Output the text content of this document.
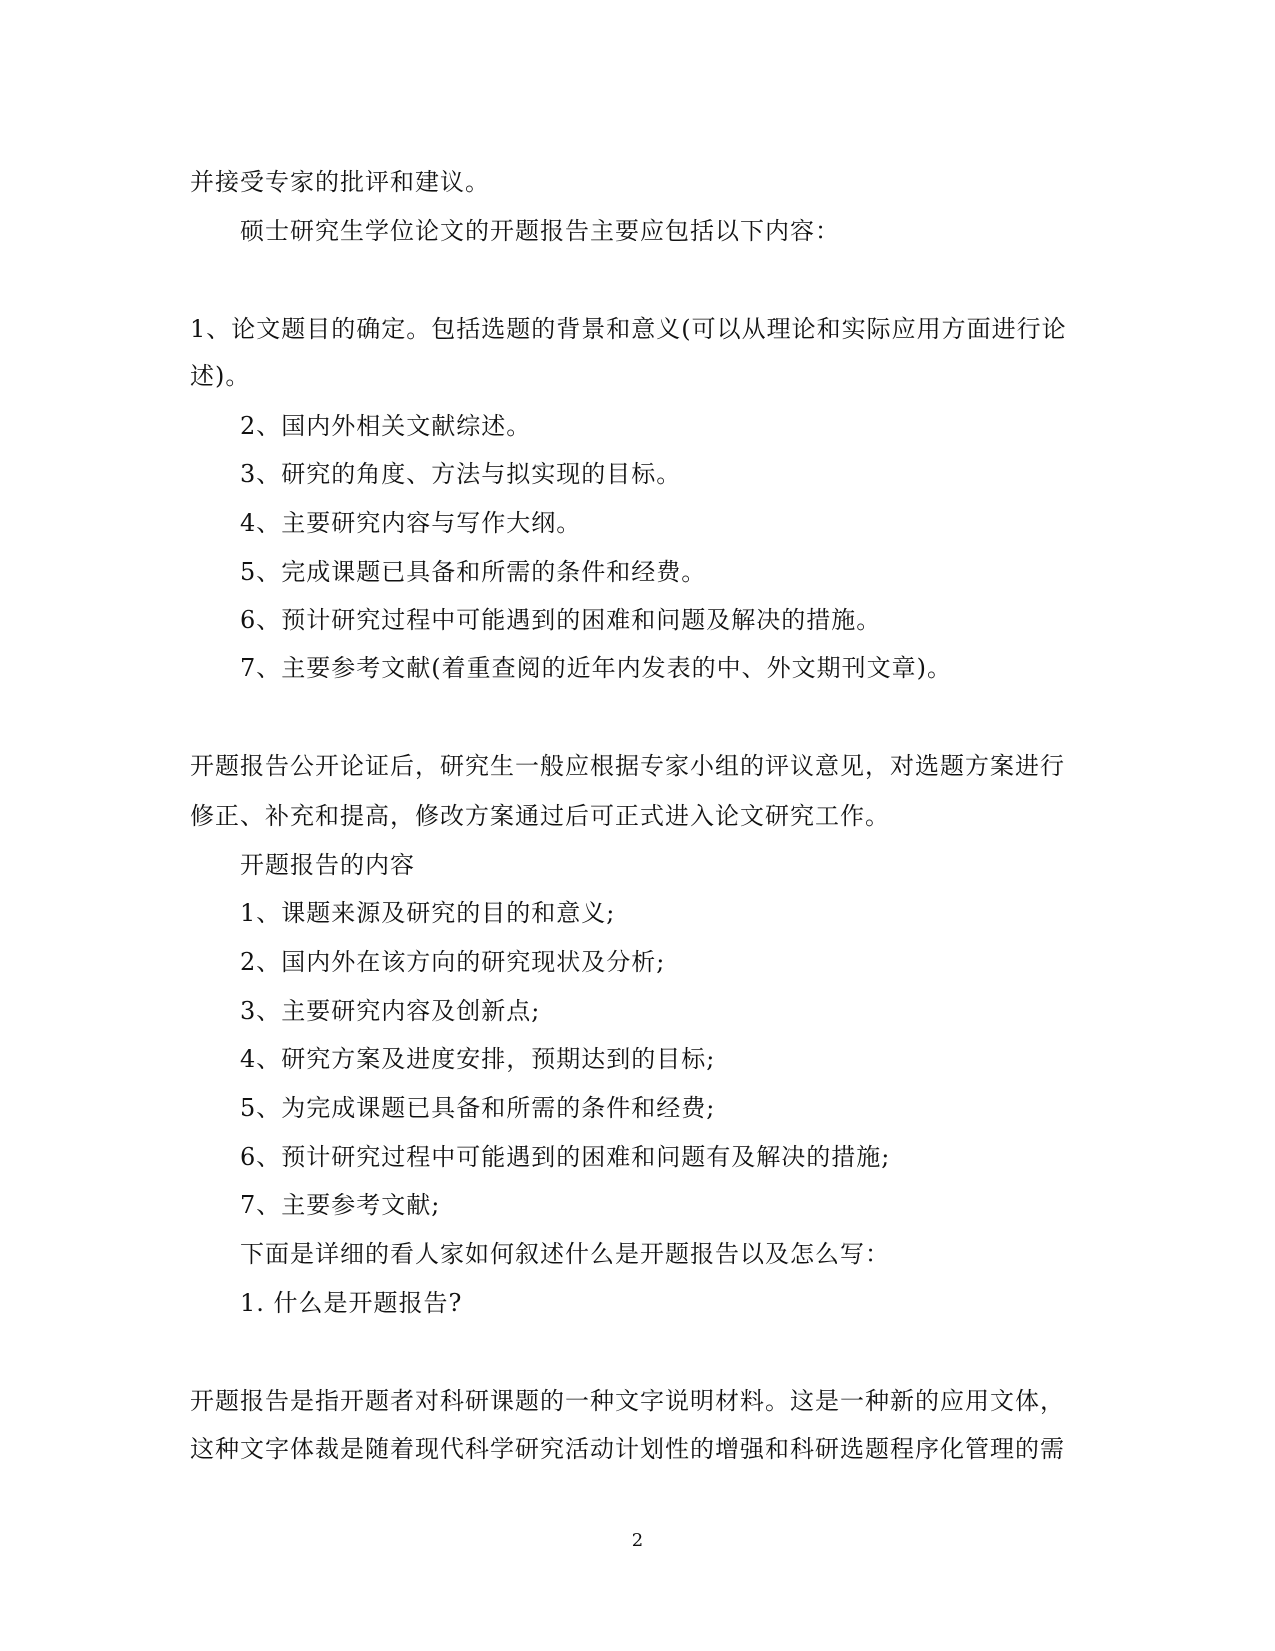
并接受专家的批评和建议。
硕士研究生学位论文的开题报告主要应包括以下内容：
1、论文题目的确定。包括选题的背景和意义(可以从理论和实际应用方面进行论
述)。
2、国内外相关文献综述。
3、研究的角度、方法与拟实现的目标。
4、主要研究内容与写作大纲。
5、完成课题已具备和所需的条件和经费。
6、预计研究过程中可能遇到的困难和问题及解决的措施。
7、主要参考文献(着重查阅的近年内发表的中、外文期刊文章)。
开题报告公开论证后，研究生一般应根据专家小组的评议意见，对选题方案进行
修正、补充和提高，修改方案通过后可正式进入论文研究工作。
开题报告的内容
1、课题来源及研究的目的和意义;
2、国内外在该方向的研究现状及分析;
3、主要研究内容及创新点;
4、研究方案及进度安排，预期达到的目标;
5、为完成课题已具备和所需的条件和经费;
6、预计研究过程中可能遇到的困难和问题有及解决的措施;
7、主要参考文献;
下面是详细的看人家如何叙述什么是开题报告以及怎么写：
1. 什么是开题报告?
开题报告是指开题者对科研课题的一种文字说明材料。这是一种新的应用文体，
这种文字体裁是随着现代科学研究活动计划性的增强和科研选题程序化管理的需
2
